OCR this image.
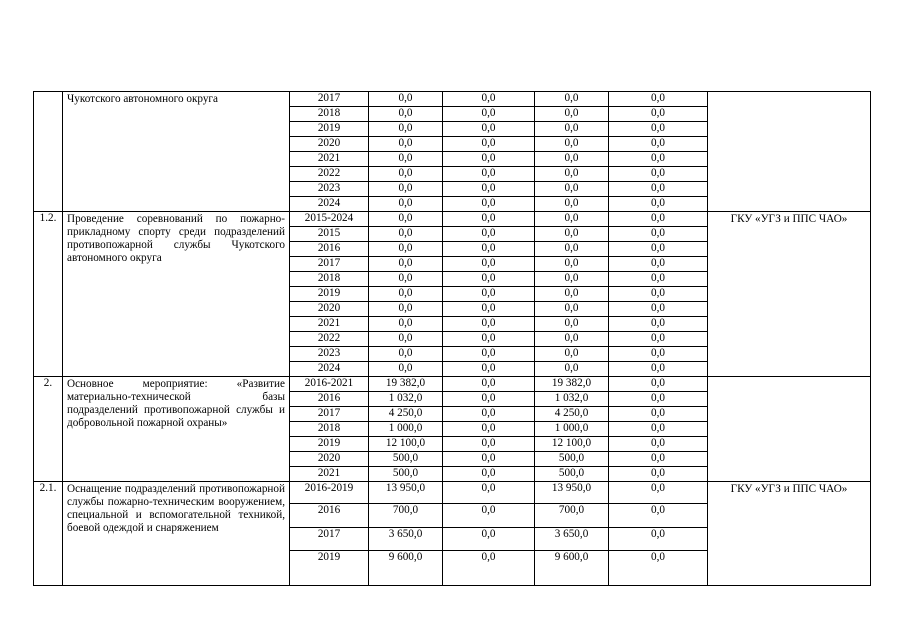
	Чукотского автономного округа	2017	0,0	0,0	0,0	0,0	
		2018	0,0	0,0	0,0	0,0	
		2019	0,0	0,0	0,0	0,0	
		2020	0,0	0,0	0,0	0,0	
		2021	0,0	0,0	0,0	0,0	
		2022	0,0	0,0	0,0	0,0	
		2023	0,0	0,0	0,0	0,0	
		2024	0,0	0,0	0,0	0,0	
1.2.	Проведение соревнований по пожарно-прикладному спорту среди подразделений противопожарной службы Чукотского автономного округа	2015-2024	0,0	0,0	0,0	0,0	ГКУ «УГЗ и ППС ЧАО»
		2015	0,0	0,0	0,0	0,0	
		2016	0,0	0,0	0,0	0,0	
		2017	0,0	0,0	0,0	0,0	
		2018	0,0	0,0	0,0	0,0	
		2019	0,0	0,0	0,0	0,0	
		2020	0,0	0,0	0,0	0,0	
		2021	0,0	0,0	0,0	0,0	
		2022	0,0	0,0	0,0	0,0	
		2023	0,0	0,0	0,0	0,0	
		2024	0,0	0,0	0,0	0,0	
2.	Основное мероприятие: «Развитие материально-технической базы подразделений противопожарной службы и добровольной пожарной охраны»	2016-2021	19 382,0	0,0	19 382,0	0,0	
		2016	1 032,0	0,0	1 032,0	0,0	
		2017	4 250,0	0,0	4 250,0	0,0	
		2018	1 000,0	0,0	1 000,0	0,0	
		2019	12 100,0	0,0	12 100,0	0,0	
		2020	500,0	0,0	500,0	0,0	
		2021	500,0	0,0	500,0	0,0	
2.1.	Оснащение подразделений противопожарной службы пожарно-техническим вооружением, специальной и вспомогательной техникой, боевой одеждой и снаряжением	2016-2019	13 950,0	0,0	13 950,0	0,0	ГКУ «УГЗ и ППС ЧАО»
		2016	700,0	0,0	700,0	0,0	
		2017	3 650,0	0,0	3 650,0	0,0	
		2019	9 600,0	0,0	9 600,0	0,0	
